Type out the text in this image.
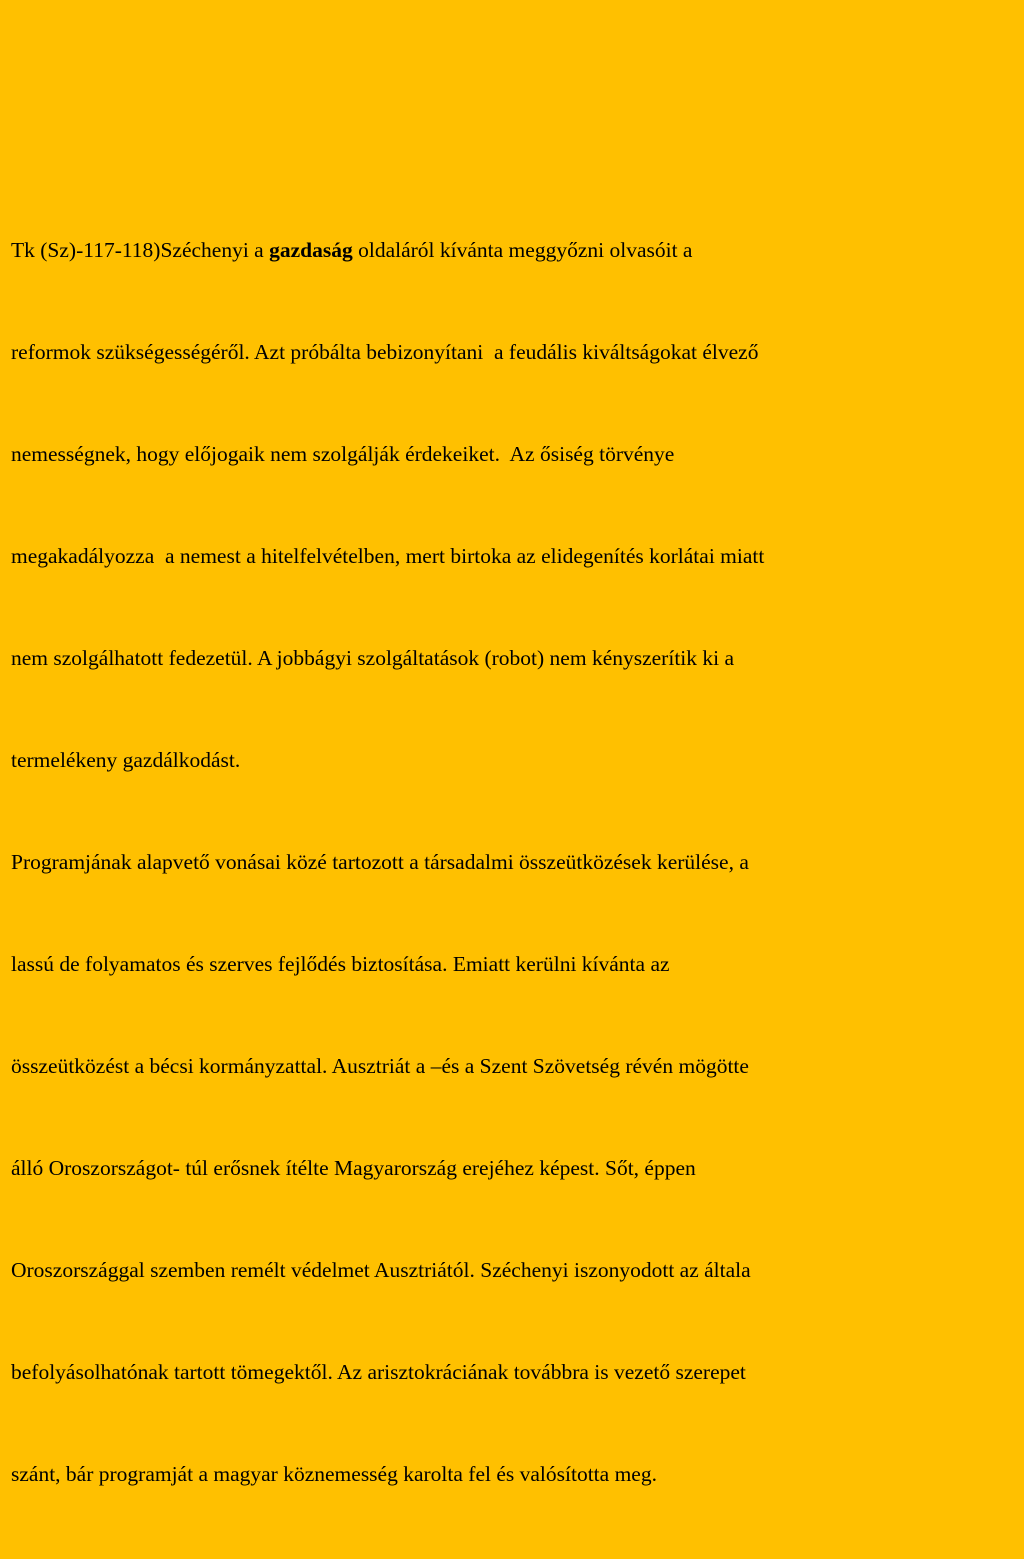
Tk (Sz)-117-118)Széchenyi a gazdaság oldaláról kívánta meggyőzni olvasóit a

reformok szükségességéről. Azt próbálta bebizonyítani  a feudális kiváltságokat élvező

nemességnek, hogy előjogaik nem szolgálják érdekeiket.  Az ősiség törvénye

megakadályozza  a nemest a hitelfelvételben, mert birtoka az elidegenítés korlátai miatt

nem szolgálhatott fedezetül. A jobbágyi szolgáltatások (robot) nem kényszerítik ki a

termelékeny gazdálkodást.

Programjának alapvető vonásai közé tartozott a társadalmi összeütközések kerülése, a

lassú de folyamatos és szerves fejlődés biztosítása. Emiatt kerülni kívánta az

összeütközést a bécsi kormányzattal. Ausztriát a –és a Szent Szövetség révén mögötte

álló Oroszországot- túl erősnek ítélte Magyarország erejéhez képest. Sőt, éppen

Oroszországgal szemben remélt védelmet Ausztriától. Széchenyi iszonyodott az általa

befolyásolhatónak tartott tömegektől. Az arisztokráciának továbbra is vezető szerepet

szánt, bár programját a magyar köznemesség karolta fel és valósította meg.
